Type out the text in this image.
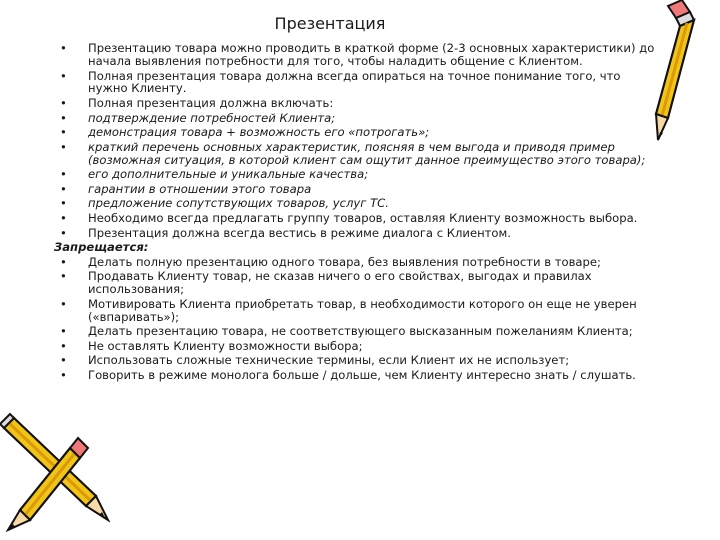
Презентация
• Презентацию товара можно проводить в краткой форме (2-3 основных характеристики) до начала выявления потребности для того, чтобы наладить общение с Клиентом.
• Полная презентация товара должна всегда опираться на точное понимание того, что нужно Клиенту.
• Полная презентация должна включать:
• подтверждение потребностей Клиента;
• демонстрация товара + возможность его «потрогать»;
• краткий перечень основных характеристик, поясняя в чем выгода и приводя пример (возможная ситуация, в которой клиент сам ощутит данное преимущество этого товара);
• его дополнительные и уникальные качества;
• гарантии в отношении этого товара
• предложение сопутствующих товаров, услуг ТС.
• Необходимо всегда предлагать группу товаров, оставляя Клиенту возможность выбора.
• Презентация должна всегда вестись в режиме диалога с Клиентом.
Запрещается:
• Делать полную презентацию одного товара, без выявления потребности в товаре;
• Продавать Клиенту товар, не сказав ничего о его свойствах, выгодах и правилах использования;
• Мотивировать Клиента приобретать товар, в необходимости которого он еще не уверен («впаривать»);
• Делать презентацию товара, не соответствующего высказанным пожеланиям Клиента;
• Не оставлять Клиенту возможности выбора;
• Использовать сложные технические термины, если Клиент их не использует;
• Говорить в режиме монолога больше / дольше, чем Клиенту интересно знать / слушать.
